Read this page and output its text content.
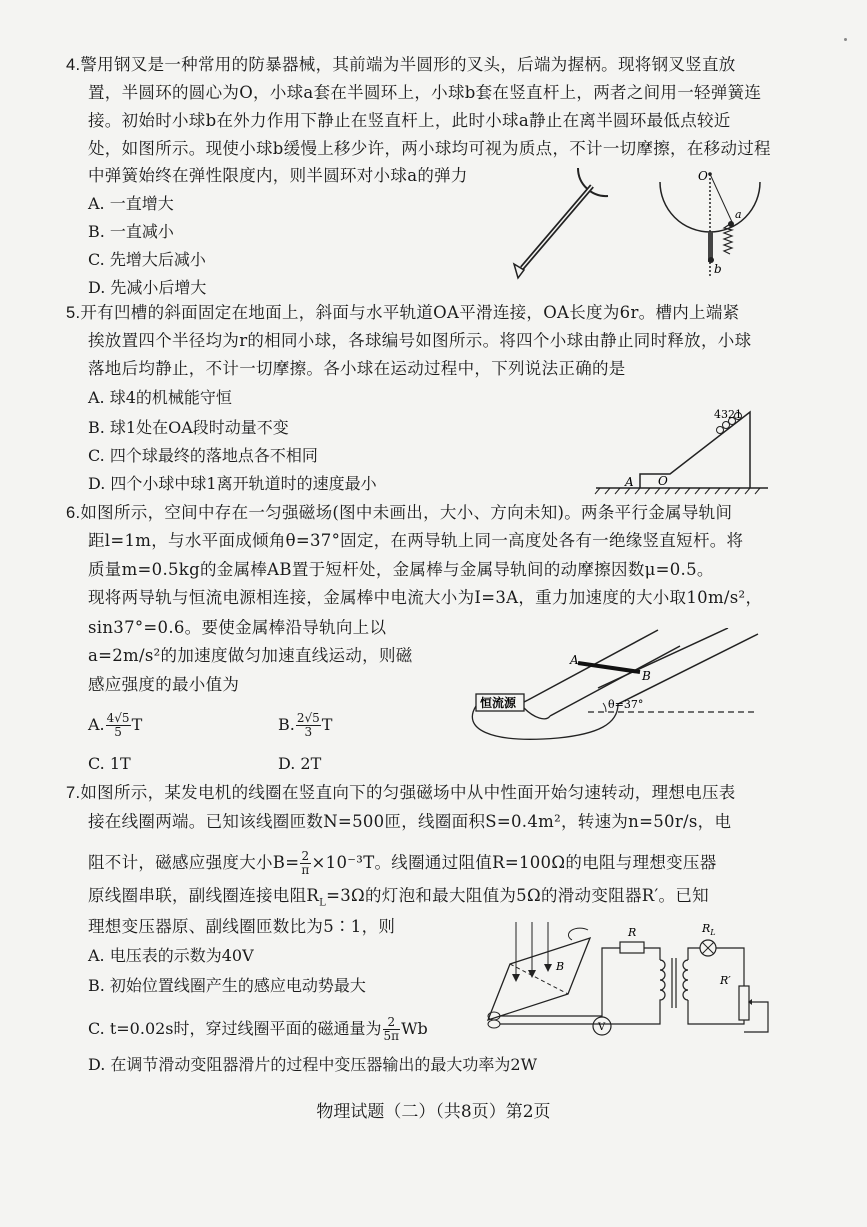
4.警用钢叉是一种常用的防暴器械，其前端为半圆形的叉头，后端为握柄。现将钢叉竖直放
置，半圆环的圆心为O，小球a套在半圆环上，小球b套在竖直杆上，两者之间用一轻弹簧连
接。初始时小球b在外力作用下静止在竖直杆上，此时小球a静止在离半圆环最低点较近
处，如图所示。现使小球b缓慢上移少许，两小球均可视为质点，不计一切摩擦，在移动过程
中弹簧始终在弹性限度内，则半圆环对小球a的弹力
A. 一直增大
B. 一直减小
C. 先增大后减小
D. 先减小后增大
O
a
b
5.开有凹槽的斜面固定在地面上，斜面与水平轨道OA平滑连接，OA长度为6r。槽内上端紧
挨放置四个半径均为r的相同小球，各球编号如图所示。将四个小球由静止同时释放，小球
落地后均静止，不计一切摩擦。各小球在运动过程中，下列说法正确的是
A. 球4的机械能守恒
B. 球1处在OA段时动量不变
C. 四个球最终的落地点各不相同
D. 四个小球中球1离开轨道时的速度最小
4321
A O
6.如图所示，空间中存在一匀强磁场(图中未画出，大小、方向未知)。两条平行金属导轨间
距l=1m，与水平面成倾角θ=37°固定，在两导轨上同一高度处各有一绝缘竖直短杆。将
质量m=0.5kg的金属棒AB置于短杆处，金属棒与金属导轨间的动摩擦因数μ=0.5。
现将两导轨与恒流电源相连接，金属棒中电流大小为I=3A，重力加速度的大小取10m/s²，
sin37°=0.6。要使金属棒沿导轨向上以
a=2m/s²的加速度做匀加速直线运动，则磁
感应强度的最小值为
A. $\frac{4√5}{5}$ T	B. $\frac{2√5}{3}$ T
C. 1T	D. 2T
A
B
恒流源	θ=37°
7.如图所示，某发电机的线圈在竖直向下的匀强磁场中从中性面开始匀速转动，理想电压表
接在线圈两端。已知该线圈匝数N=500匝，线圈面积S=0.4m²，转速为n=50r/s，电
阻不计，磁感应强度大小$B= \frac{2}{\pi} \times 10^{-3}T$。线圈通过阻值R=100Ω的电阻与理想变压器
原线圈串联，副线圈连接电阻$R_L=3\Omega$的灯泡和最大阻值为5Ω的滑动变阻器R′。已知
理想变压器原、副线圈匝数比为5∶1，则
A. 电压表的示数为40V
B. 初始位置线圈产生的感应电动势最大
C. t=0.02s时，穿过线圈平面的磁通量为 $\frac{2}{5\pi}$ Wb
D. 在调节滑动变阻器滑片的过程中变压器输出的最大功率为2W
B
V
R	$R_L$
R′
物理试题（二）（共8页）第2页
